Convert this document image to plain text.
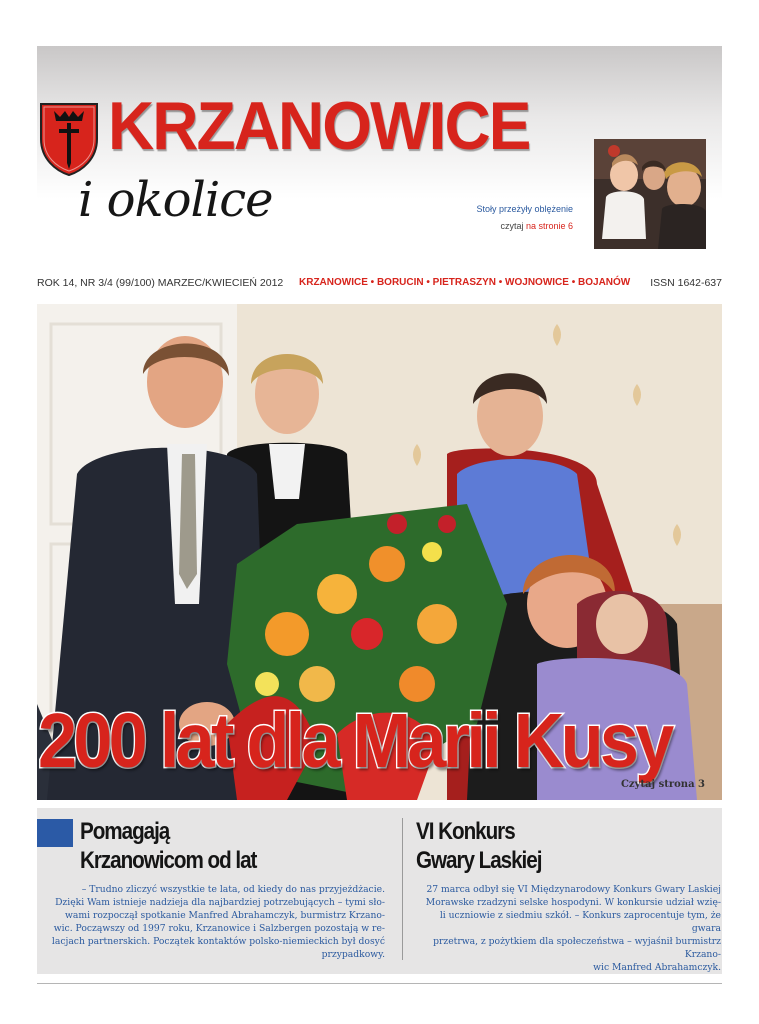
KRZANOWICE
i okolice	Stoły przeżyły oblężenie
czytaj na stronie 6
ROK 14, NR 3/4 (99/100) MARZEC/KWIECIEŃ 2012 KRZANOWICE • BORUCIN • PIETRASZYN • WOJNOWICE • BOJANÓW ISSN 1642-637
200 lat dla Marii Kusy
Czytaj strona 3
Pomagają
Krzanowicom od lat
– Trudno zliczyć wszystkie te lata, od kiedy do nas przyjeżdżacie.
Dzięki Wam istnieje nadzieja dla najbardziej potrzebujących – tymi sło-
wami rozpoczął spotkanie Manfred Abrahamczyk, burmistrz Krzano-
wic. Począwszy od 1997 roku, Krzanowice i Salzbergen pozostają w re-
lacjach partnerskich. Początek kontaktów polsko-niemieckich był dosyć
przypadkowy.
VI Konkurs
Gwary Laskiej
27 marca odbył się VI Międzynarodowy Konkurs Gwary Laskiej
Morawske rzadzyni selske hospodyni. W konkursie udział wzię-
li uczniowie z siedmiu szkół. – Konkurs zaprocentuje tym, że gwara
przetrwa, z pożytkiem dla społeczeństwa – wyjaśnił burmistrz Krzano-
wic Manfred Abrahamczyk.
